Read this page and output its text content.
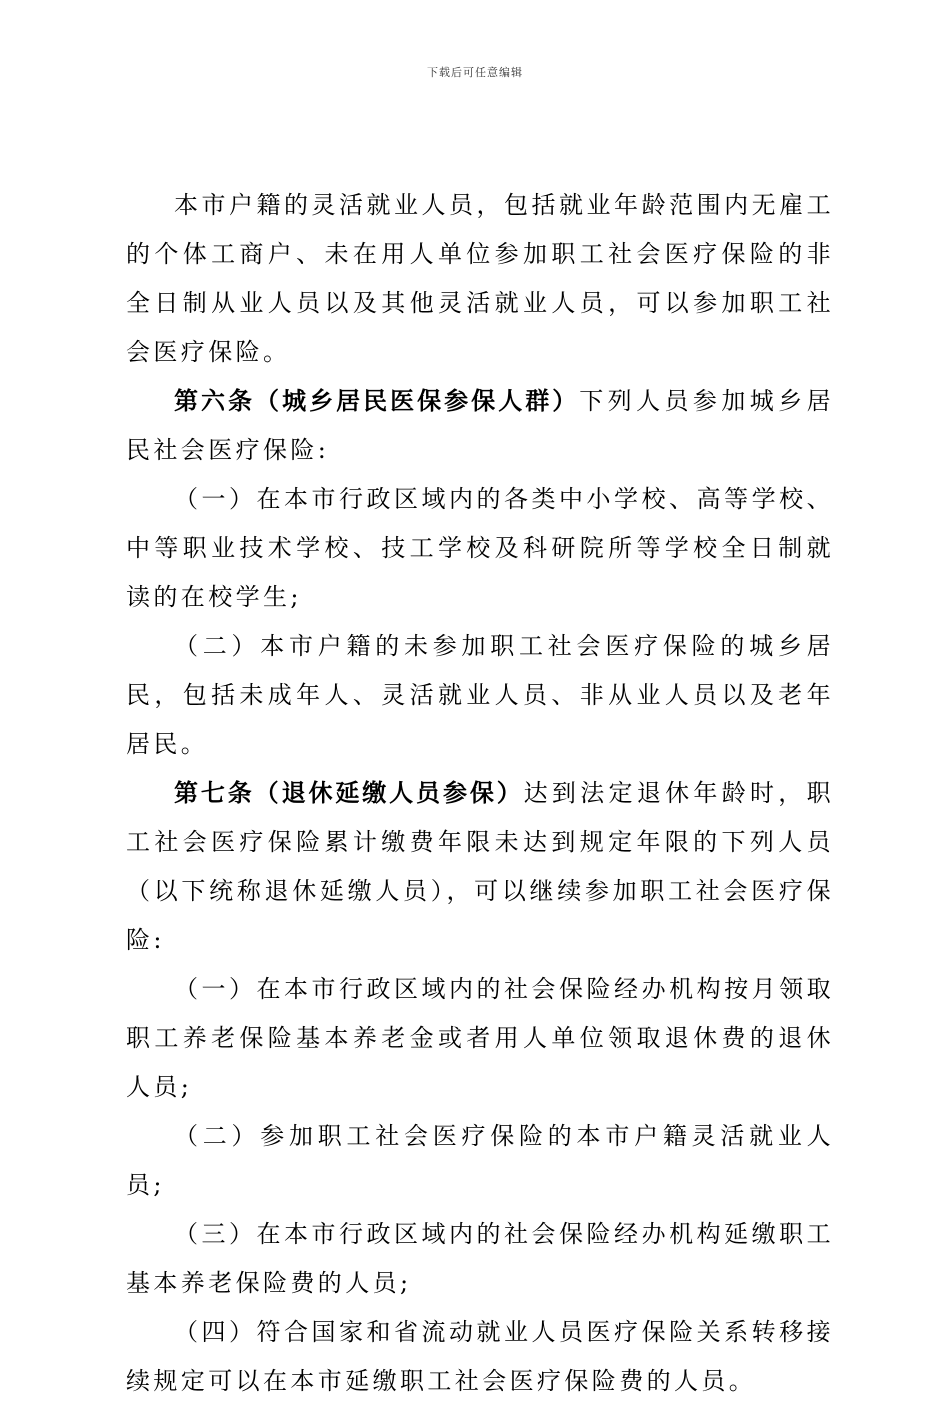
下载后可任意编辑

本市户籍的灵活就业人员，包括就业年龄范围内无雇工的个体工商户、未在用人单位参加职工社会医疗保险的非全日制从业人员以及其他灵活就业人员，可以参加职工社会医疗保险。

第六条（城乡居民医保参保人群）下列人员参加城乡居民社会医疗保险:

（一）在本市行政区域内的各类中小学校、高等学校、中等职业技术学校、技工学校及科研院所等学校全日制就读的在校学生;

（二）本市户籍的未参加职工社会医疗保险的城乡居民，包括未成年人、灵活就业人员、非从业人员以及老年居民。

第七条（退休延缴人员参保）达到法定退休年龄时，职工社会医疗保险累计缴费年限未达到规定年限的下列人员（以下统称退休延缴人员），可以继续参加职工社会医疗保险:

（一）在本市行政区域内的社会保险经办机构按月领取职工养老保险基本养老金或者用人单位领取退休费的退休人员;

（二）参加职工社会医疗保险的本市户籍灵活就业人员;

（三）在本市行政区域内的社会保险经办机构延缴职工基本养老保险费的人员;

（四）符合国家和省流动就业人员医疗保险关系转移接续规定可以在本市延缴职工社会医疗保险费的人员。
